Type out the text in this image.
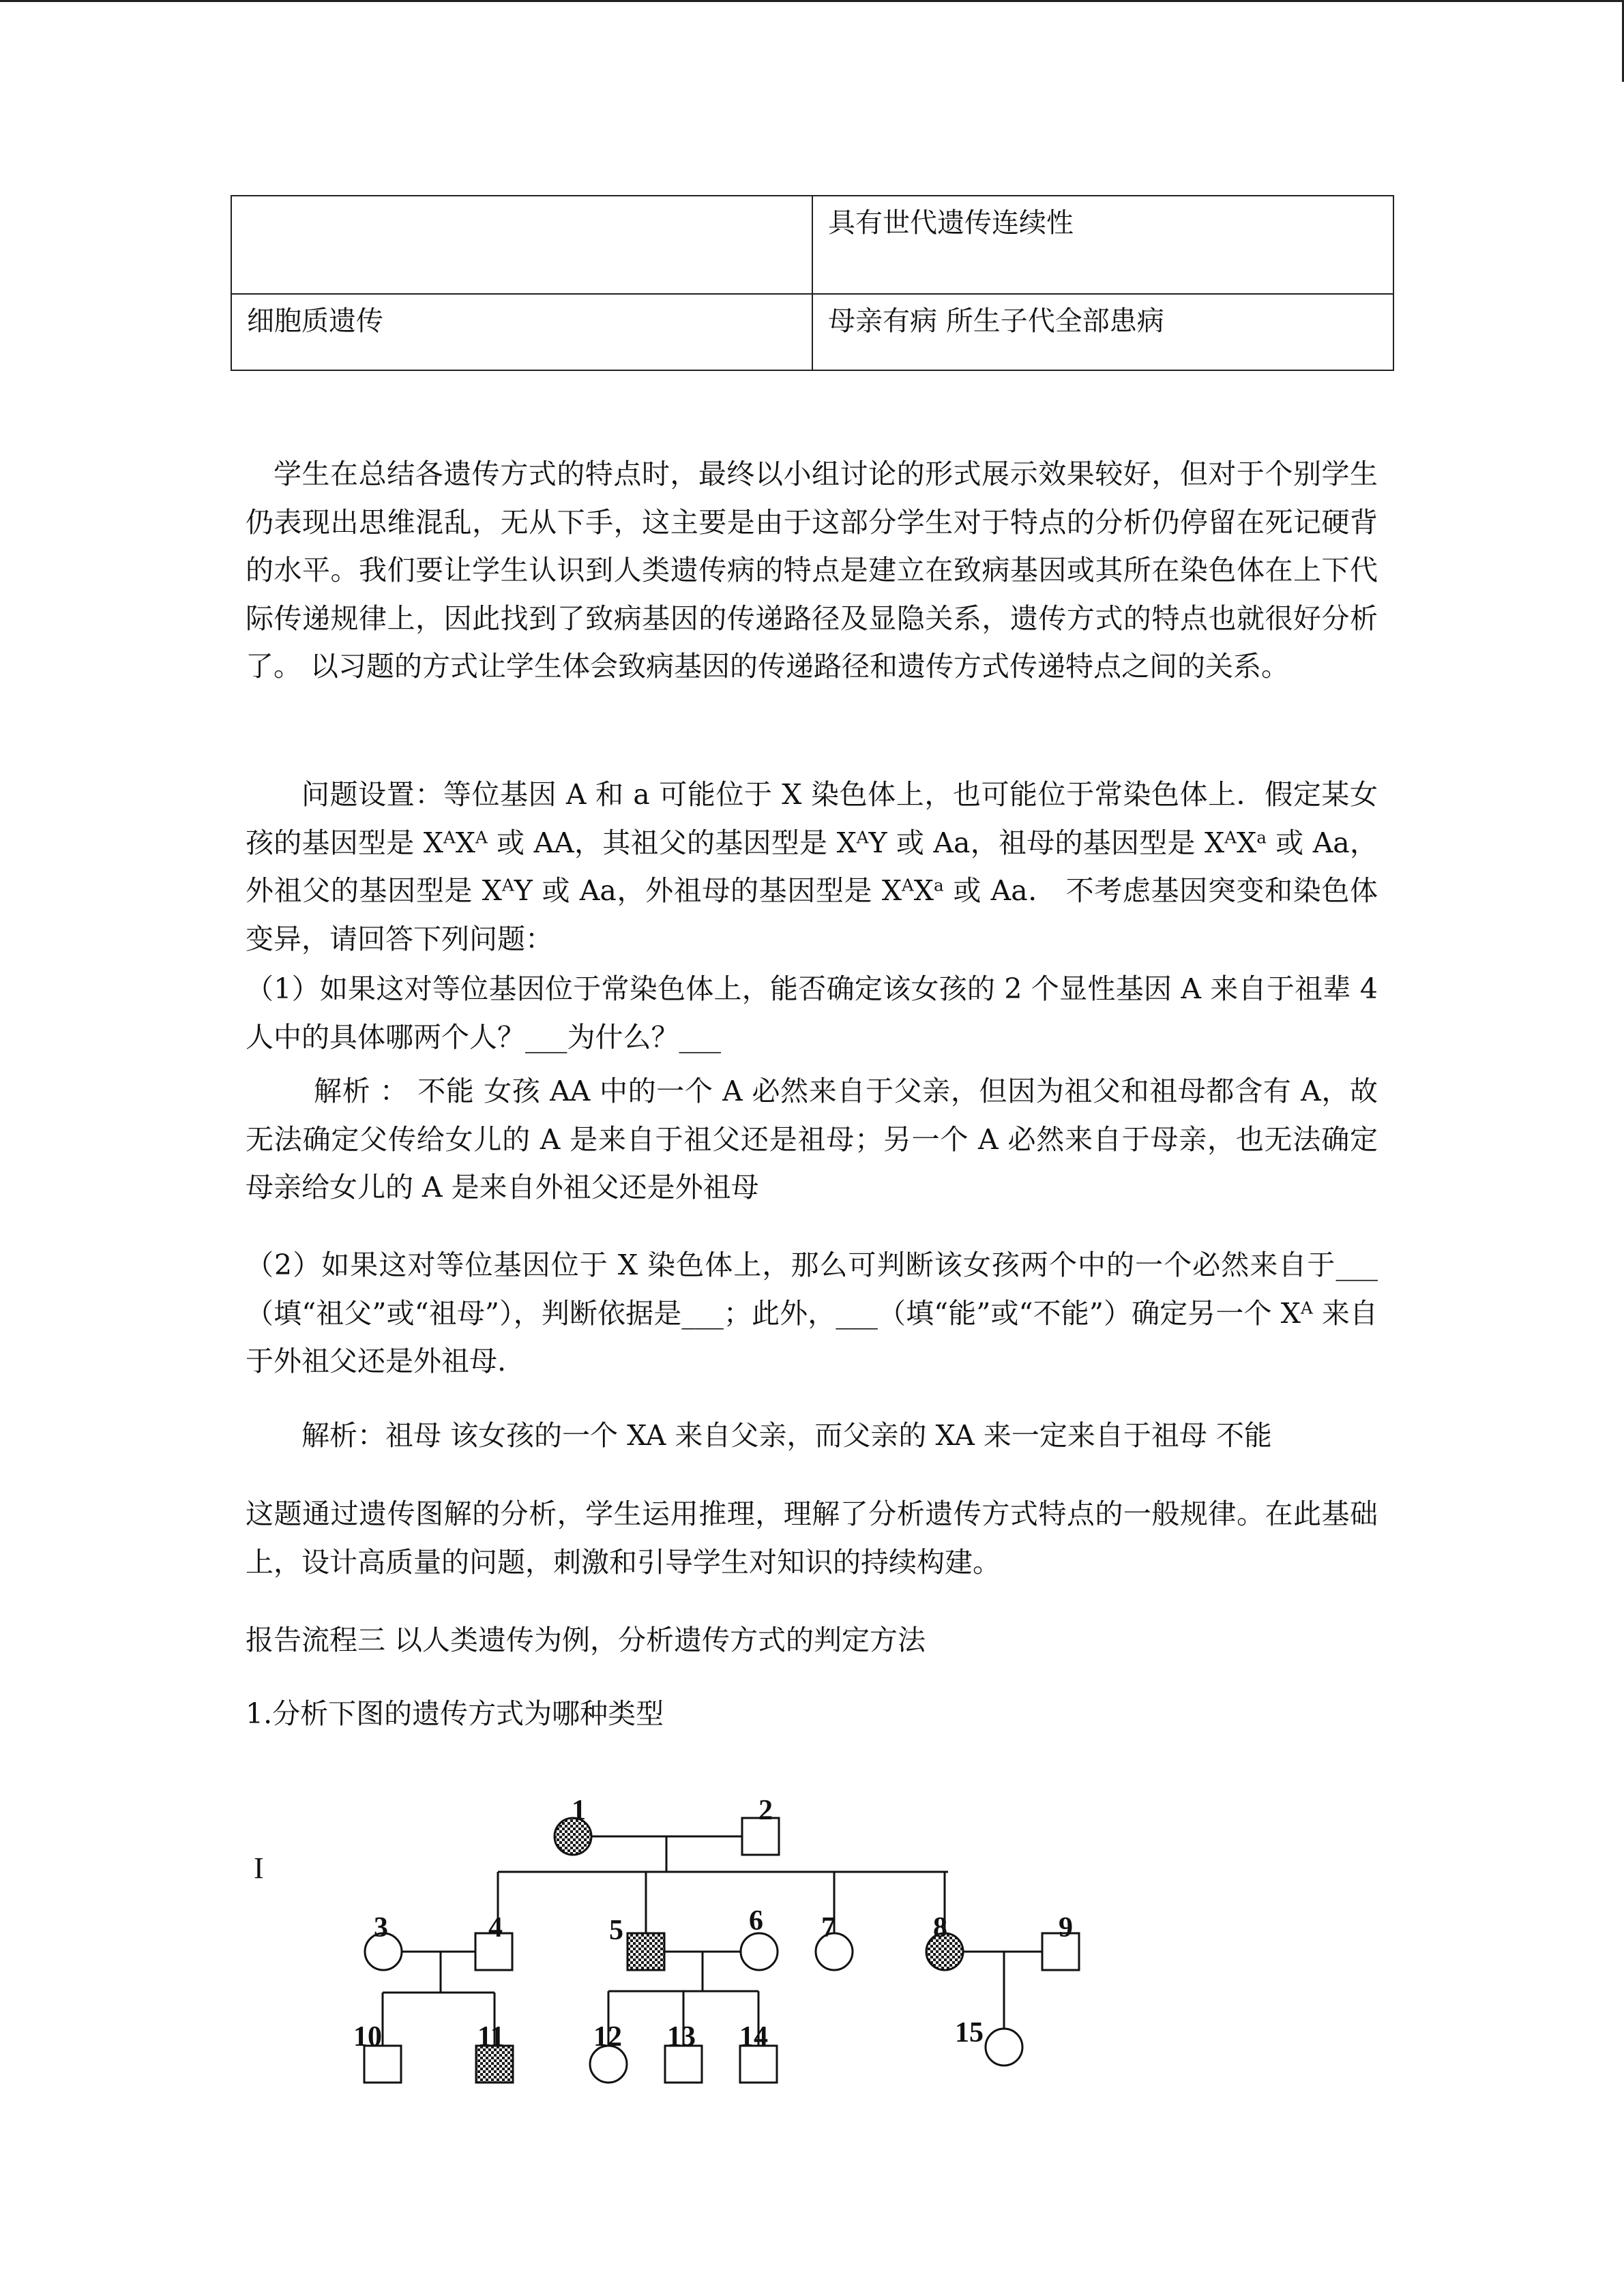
	具有世代遗传连续性
细胞质遗传	母亲有病 所生子代全部患病

学生在总结各遗传方式的特点时，最终以小组讨论的形式展示效果较好，但对于个别学生仍表现出思维混乱，无从下手，这主要是由于这部分学生对于特点的分析仍停留在死记硬背的水平。我们要让学生认识到人类遗传病的特点是建立在致病基因或其所在染色体在上下代际传递规律上，因此找到了致病基因的传递路径及显隐关系，遗传方式的特点也就很好分析了。 以习题的方式让学生体会致病基因的传递路径和遗传方式传递特点之间的关系。

问题设置：等位基因 A 和 a 可能位于 X 染色体上，也可能位于常染色体上．假定某女孩的基因型是 $X^AX^A$ 或 AA，其祖父的基因型是 $X^AY$ 或 Aa，祖母的基因型是 $X^AX^a$ 或 Aa，外祖父的基因型是 $X^AY$ 或 Aa，外祖母的基因型是 $X^AX^a$ 或 Aa． 不考虑基因突变和染色体变异，请回答下列问题：

（1）如果这对等位基因位于常染色体上，能否确定该女孩的 2 个显性基因 A 来自于祖辈 4 人中的具体哪两个人？___为什么？___

解析 ： 不能 女孩 AA 中的一个 A 必然来自于父亲，但因为祖父和祖母都含有 A，故无法确定父传给女儿的 A 是来自于祖父还是祖母；另一个 A 必然来自于母亲，也无法确定母亲给女儿的 A 是来自外祖父还是外祖母

（2）如果这对等位基因位于 X 染色体上，那么可判断该女孩两个中的一个必然来自于___（填“祖父”或“祖母”），判断依据是___；此外，___（填“能”或“不能”）确定另一个 $X^A$ 来自于外祖父还是外祖母.

解析：祖母 该女孩的一个 XA 来自父亲，而父亲的 XA 来一定来自于祖母 不能

这题通过遗传图解的分析，学生运用推理，理解了分析遗传方式特点的一般规律。在此基础上，设计高质量的问题，刺激和引导学生对知识的持续构建。

报告流程三 以人类遗传为例，分析遗传方式的判定方法

1.分析下图的遗传方式为哪种类型

1	2
3	4	5	6 7	8	9
10	11	12 13 14	15
I
